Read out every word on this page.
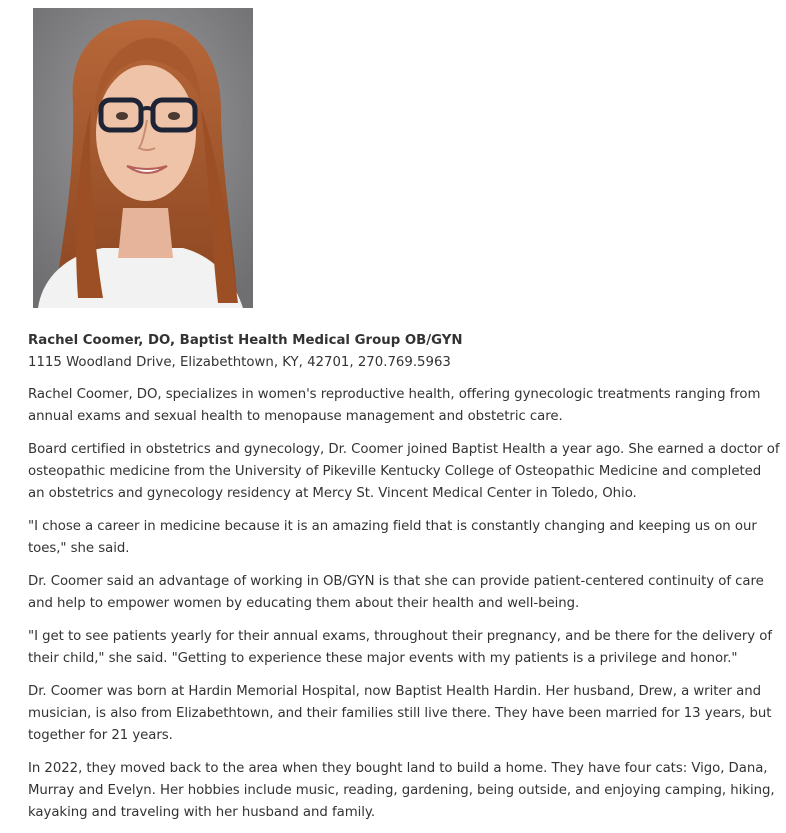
Rachel Coomer, DO, Baptist Health Medical Group OB/GYN

1115 Woodland Drive, Elizabethtown, KY, 42701, 270.769.5963

Rachel Coomer, DO, specializes in women's reproductive health, offering gynecologic treatments ranging from annual exams and sexual health to menopause management and obstetric care.

Board certified in obstetrics and gynecology, Dr. Coomer joined Baptist Health a year ago. She earned a doctor of osteopathic medicine from the University of Pikeville Kentucky College of Osteopathic Medicine and completed an obstetrics and gynecology residency at Mercy St. Vincent Medical Center in Toledo, Ohio.

"I chose a career in medicine because it is an amazing field that is constantly changing and keeping us on our toes," she said.

Dr. Coomer said an advantage of working in OB/GYN is that she can provide patient-centered continuity of care and help to empower women by educating them about their health and well-being.

"I get to see patients yearly for their annual exams, throughout their pregnancy, and be there for the delivery of their child," she said. "Getting to experience these major events with my patients is a privilege and honor."

Dr. Coomer was born at Hardin Memorial Hospital, now Baptist Health Hardin. Her husband, Drew, a writer and musician, is also from Elizabethtown, and their families still live there. They have been married for 13 years, but together for 21 years.

In 2022, they moved back to the area when they bought land to build a home. They have four cats: Vigo, Dana, Murray and Evelyn. Her hobbies include music, reading, gardening, being outside, and enjoying camping, hiking, kayaking and traveling with her husband and family.
